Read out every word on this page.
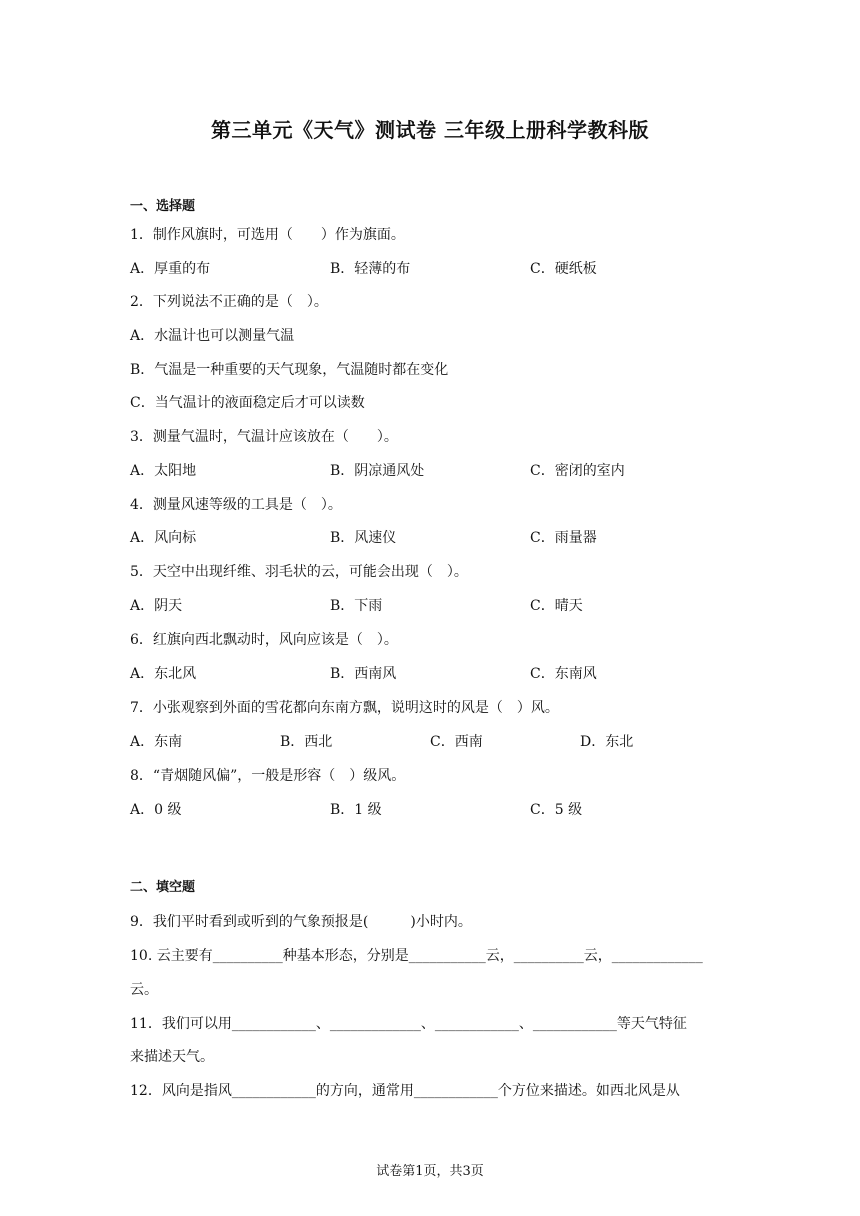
第三单元《天气》测试卷 三年级上册科学教科版
一、选择题
1．制作风旗时，可选用（　　）作为旗面。
A．厚重的布	B．轻薄的布	C．硬纸板
2．下列说法不正确的是（　）。
A．水温计也可以测量气温
B．气温是一种重要的天气现象，气温随时都在变化
C．当气温计的液面稳定后才可以读数
3．测量气温时，气温计应该放在（　　）。
A．太阳地	B．阴凉通风处	C．密闭的室内
4．测量风速等级的工具是（　）。
A．风向标	B．风速仪	C．雨量器
5．天空中出现纤维、羽毛状的云，可能会出现（　）。
A．阴天	B．下雨	C．晴天
6．红旗向西北飘动时，风向应该是（　）。
A．东北风	B．西南风	C．东南风
7．小张观察到外面的雪花都向东南方飘，说明这时的风是（　）风。
A．东南	B．西北	C．西南	D．东北
8．“青烟随风偏”，一般是形容（　）级风。
A．0 级	B．1 级	C．5 级
二、填空题
9．我们平时看到或听到的气象预报是(　　　)小时内。
10. 云主要有__________种基本形态，分别是___________云，__________云，_____________
云。
11．我们可以用____________、_____________、____________、____________等天气特征
来描述天气。
12．风向是指风____________的方向，通常用____________个方位来描述。如西北风是从
试卷第1页，共3页
